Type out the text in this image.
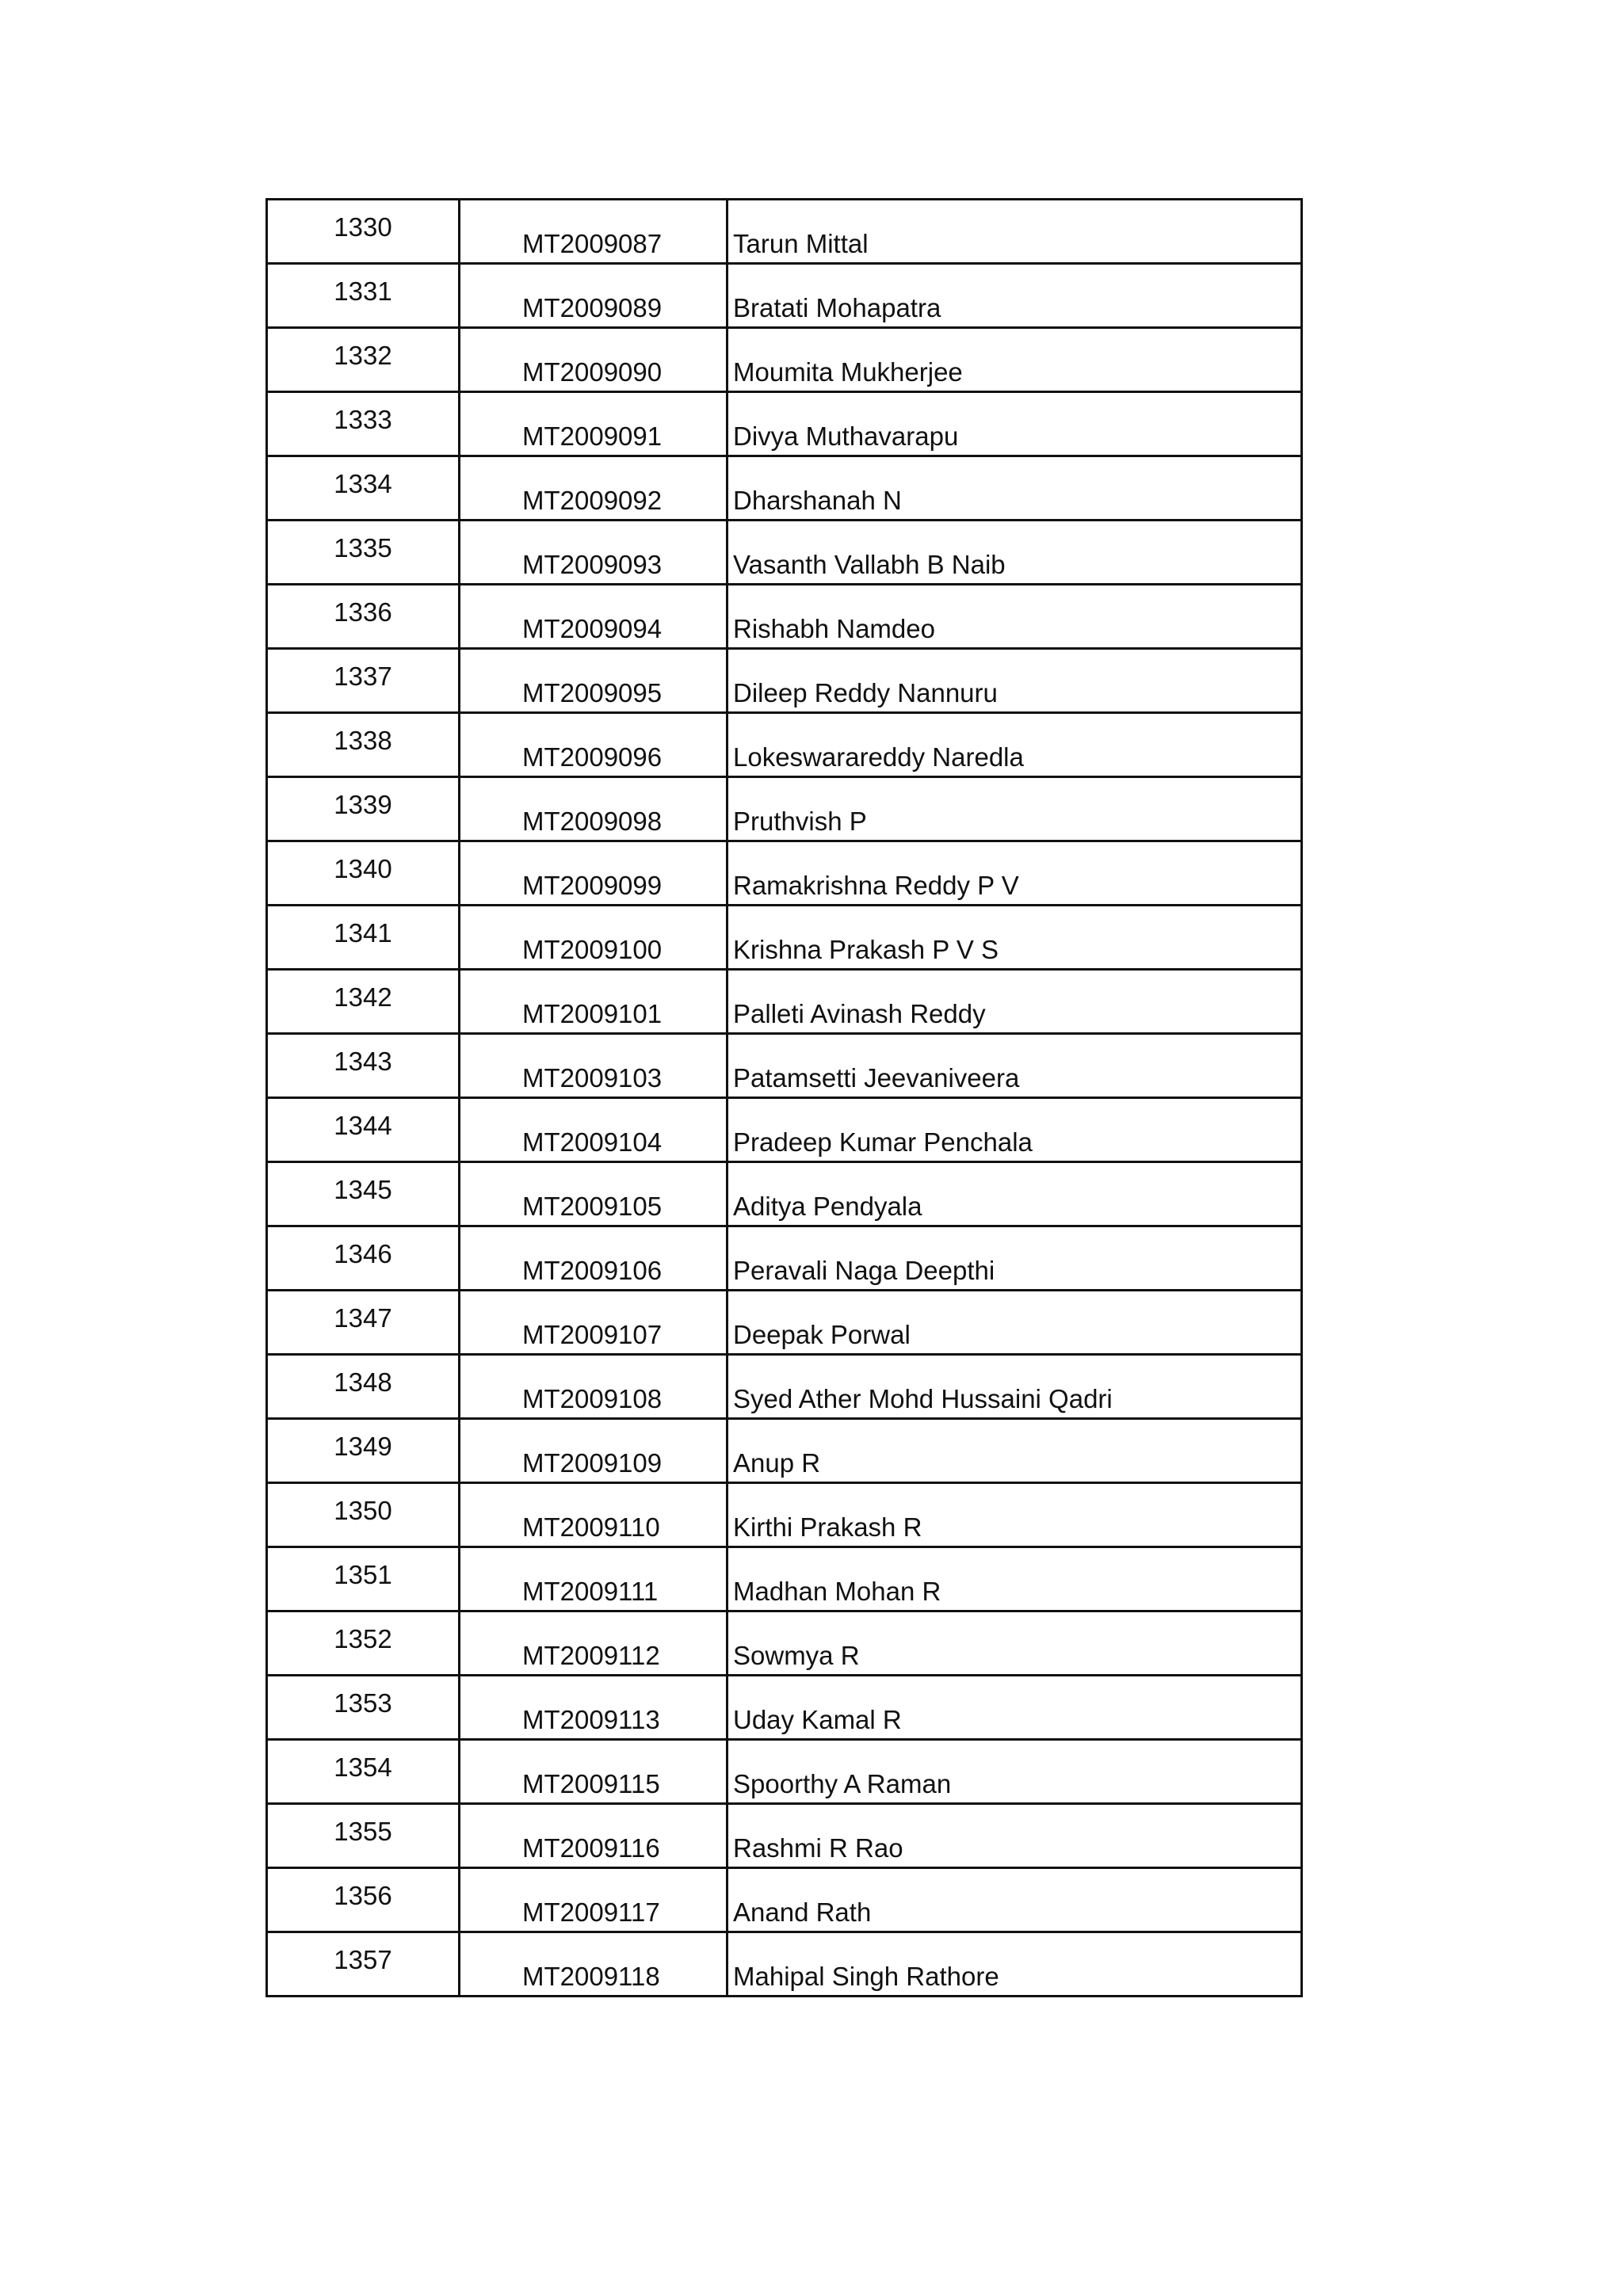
1330	MT2009087	Tarun Mittal

1331	MT2009089	Bratati Mohapatra

1332	MT2009090	Moumita Mukherjee

1333	MT2009091	Divya Muthavarapu

1334	MT2009092	Dharshanah N

1335	MT2009093	Vasanth Vallabh B Naib

1336	MT2009094	Rishabh Namdeo

1337	MT2009095	Dileep Reddy Nannuru

1338	MT2009096	Lokeswarareddy Naredla

1339	MT2009098	Pruthvish P

1340	MT2009099	Ramakrishna Reddy P V

1341	MT2009100	Krishna Prakash P V S

1342	MT2009101	Palleti Avinash Reddy

1343	MT2009103	Patamsetti Jeevaniveera

1344	MT2009104	Pradeep Kumar Penchala

1345	MT2009105	Aditya Pendyala

1346	MT2009106	Peravali Naga Deepthi

1347	MT2009107	Deepak Porwal

1348	MT2009108	Syed Ather Mohd Hussaini Qadri

1349	MT2009109	Anup R

1350	MT2009110	Kirthi Prakash R

1351	MT2009111	Madhan Mohan R

1352	MT2009112	Sowmya R

1353	MT2009113	Uday Kamal R

1354	MT2009115	Spoorthy A Raman

1355	MT2009116	Rashmi R Rao

1356	MT2009117	Anand Rath

1357	MT2009118	Mahipal Singh Rathore
